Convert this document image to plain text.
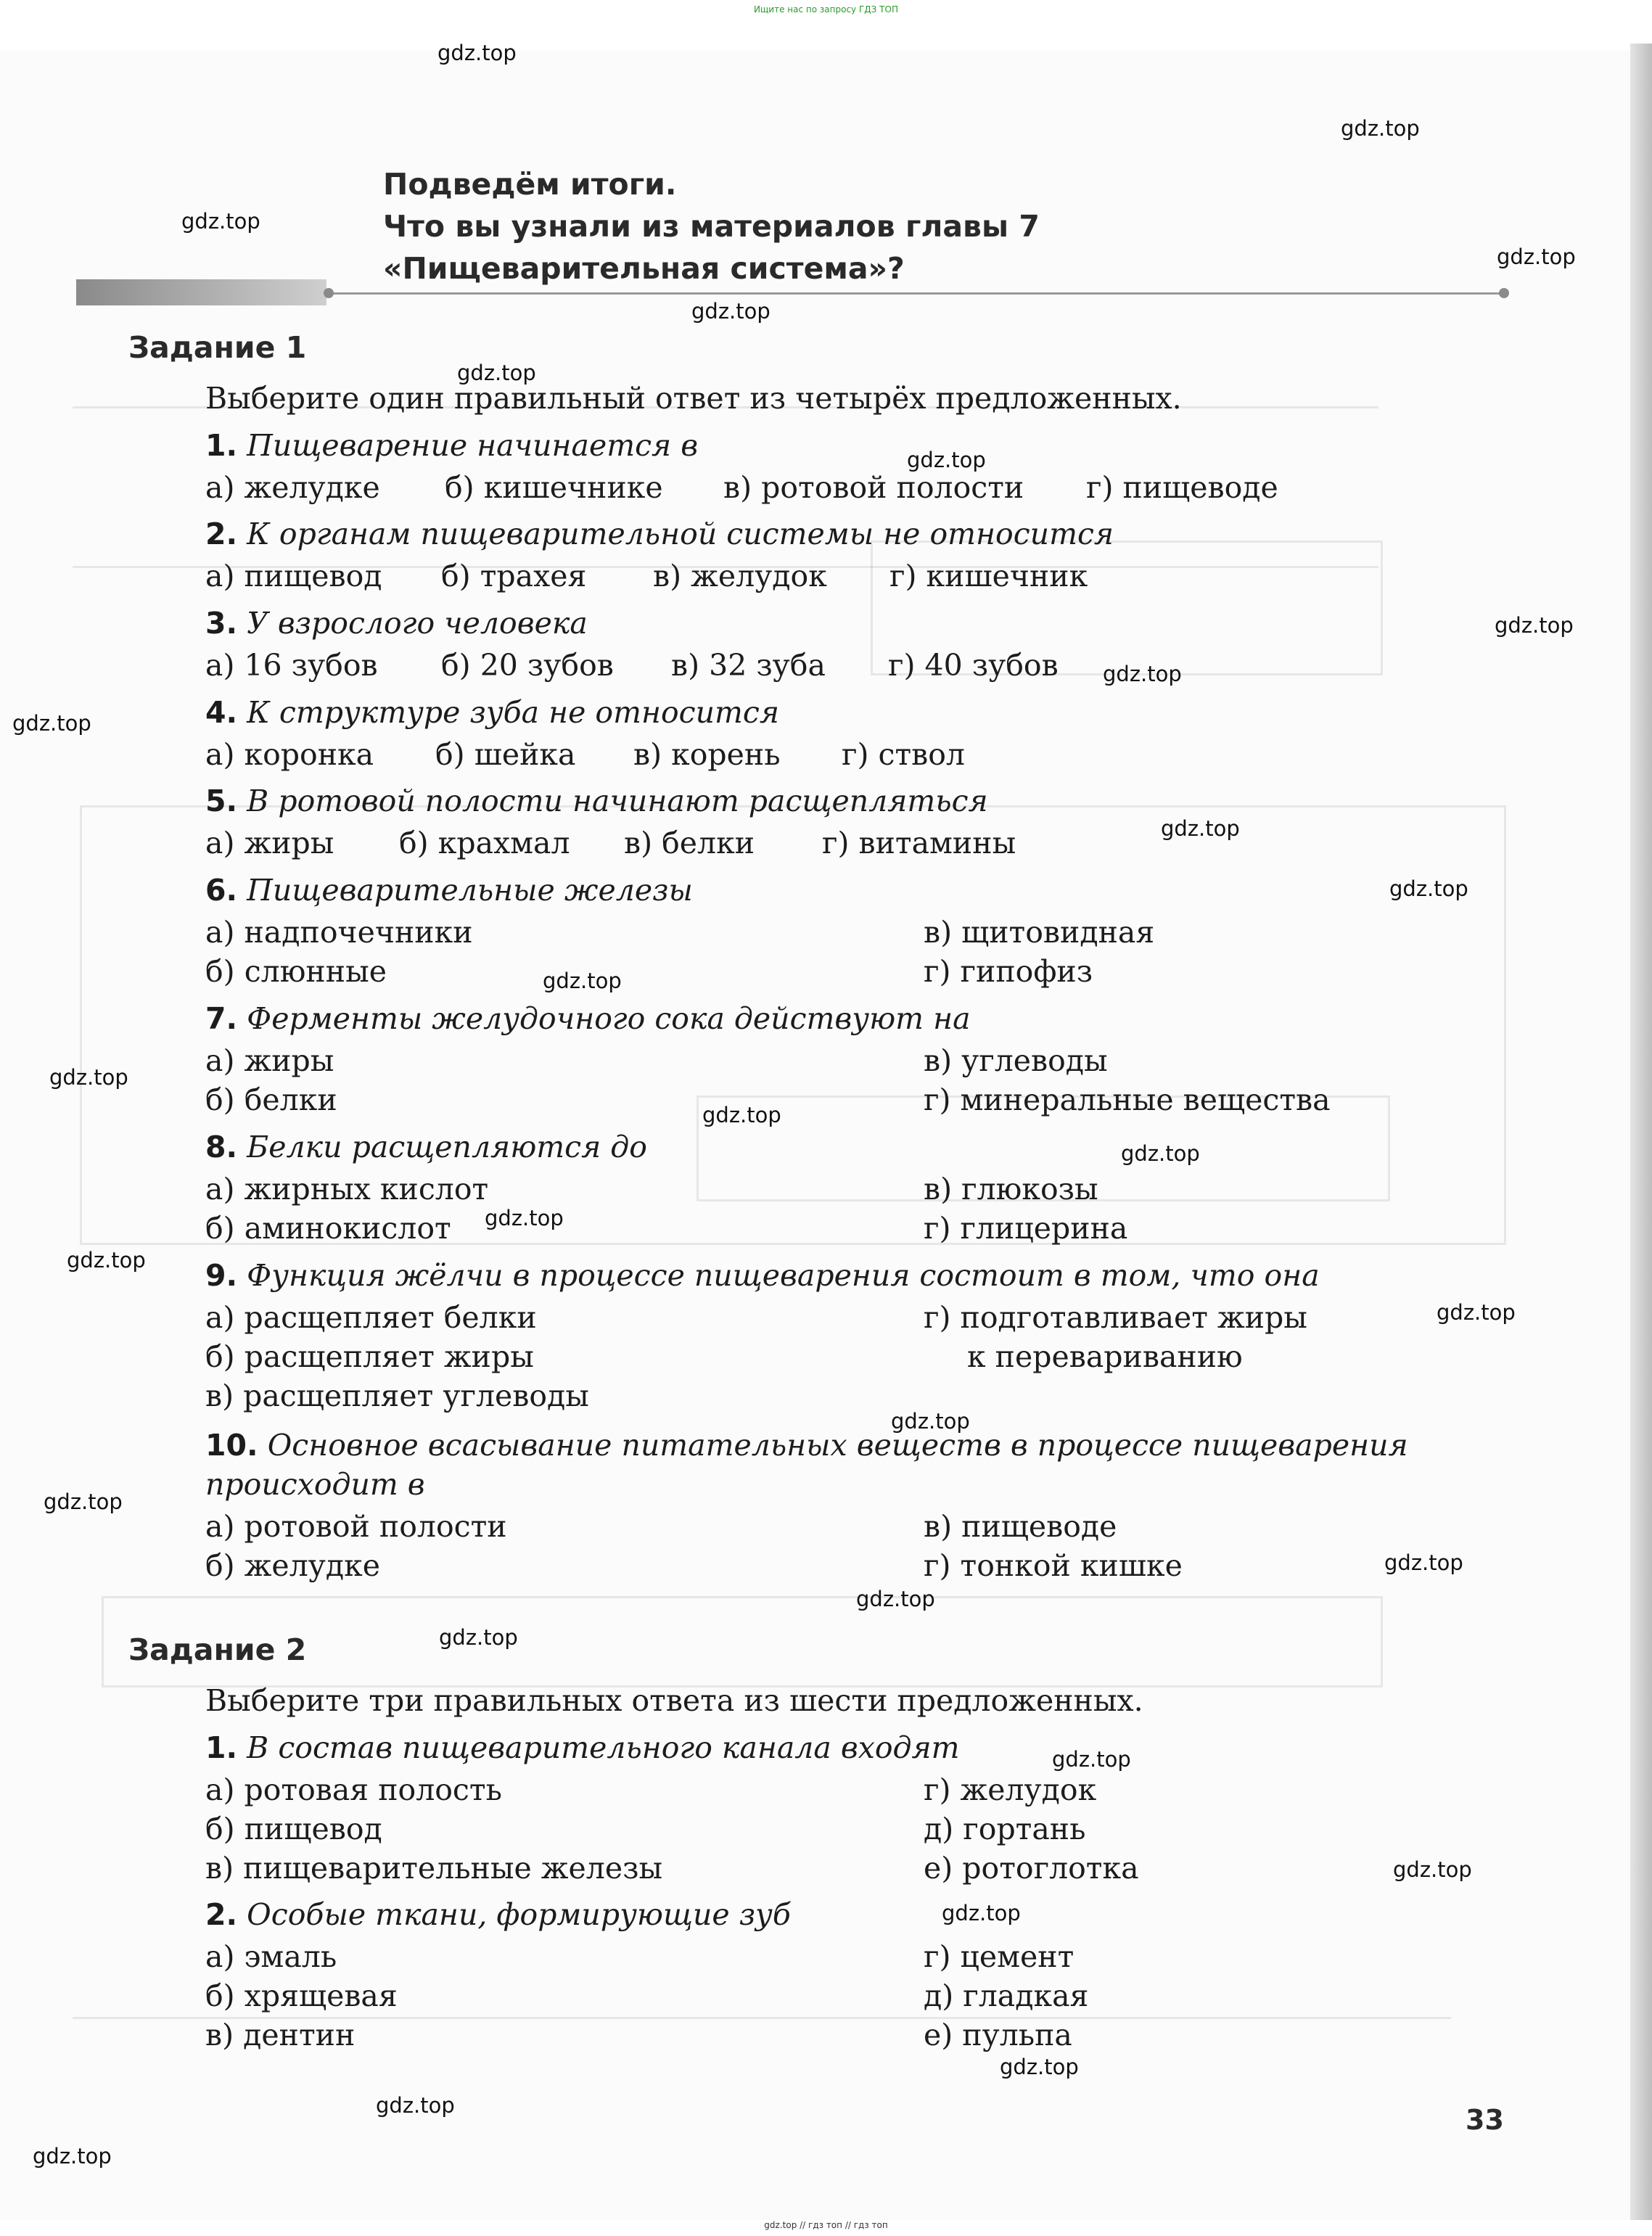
Ищите нас по запросу ГДЗ ТОП
Подведём итоги.
Что вы узнали из материалов главы 7
«Пищеварительная система»?
Задание 1
Выберите один правильный ответ из четырёх предложенных.
1. Пищеварение начинается в
а) желудке б) кишечнике в) ротовой полости г) пищеводе
2. К органам пищеварительной системы не относится
а) пищевод б) трахея в) желудок г) кишечник
3. У взрослого человека
а) 16 зубов б) 20 зубов в) 32 зуба г) 40 зубов
4. К структуре зуба не относится
а) коронка б) шейка в) корень г) ствол
5. В ротовой полости начинают расщепляться
а) жиры б) крахмал в) белки г) витамины
6. Пищеварительные железы
а) надпочечники
б) слюнные
в) щитовидная
г) гипофиз
7. Ферменты желудочного сока действуют на
а) жиры
б) белки
в) углеводы
г) минеральные вещества
8. Белки расщепляются до
а) жирных кислот
б) аминокислот
в) глюкозы
г) глицерина
9. Функция жёлчи в процессе пищеварения состоит в том, что она
а) расщепляет белки
б) расщепляет жиры
в) расщепляет углеводы
г) подготавливает жиры
к перевариванию
10. Основное всасывание питательных веществ в процессе пищеварения
происходит в
а) ротовой полости
б) желудке
в) пищеводе
г) тонкой кишке
Задание 2
Выберите три правильных ответа из шести предложенных.
1. В состав пищеварительного канала входят
а) ротовая полость
б) пищевод
в) пищеварительные железы
г) желудок
д) гортань
е) ротоглотка
2. Особые ткани, формирующие зуб
а) эмаль
б) хрящевая
в) дентин
г) цемент
д) гладкая
е) пульпа
33
gdz.top
gdz.top
gdz.top
gdz.top
gdz.top
gdz.top
gdz.top
gdz.top
gdz.top
gdz.top
gdz.top
gdz.top
gdz.top
gdz.top
gdz.top
gdz.top
gdz.top
gdz.top
gdz.top
gdz.top
gdz.top
gdz.top
gdz.top
gdz.top
gdz.top
gdz.top
gdz.top
gdz.top
gdz.top
gdz.top
gdz.top // гдз топ // гдз топ
